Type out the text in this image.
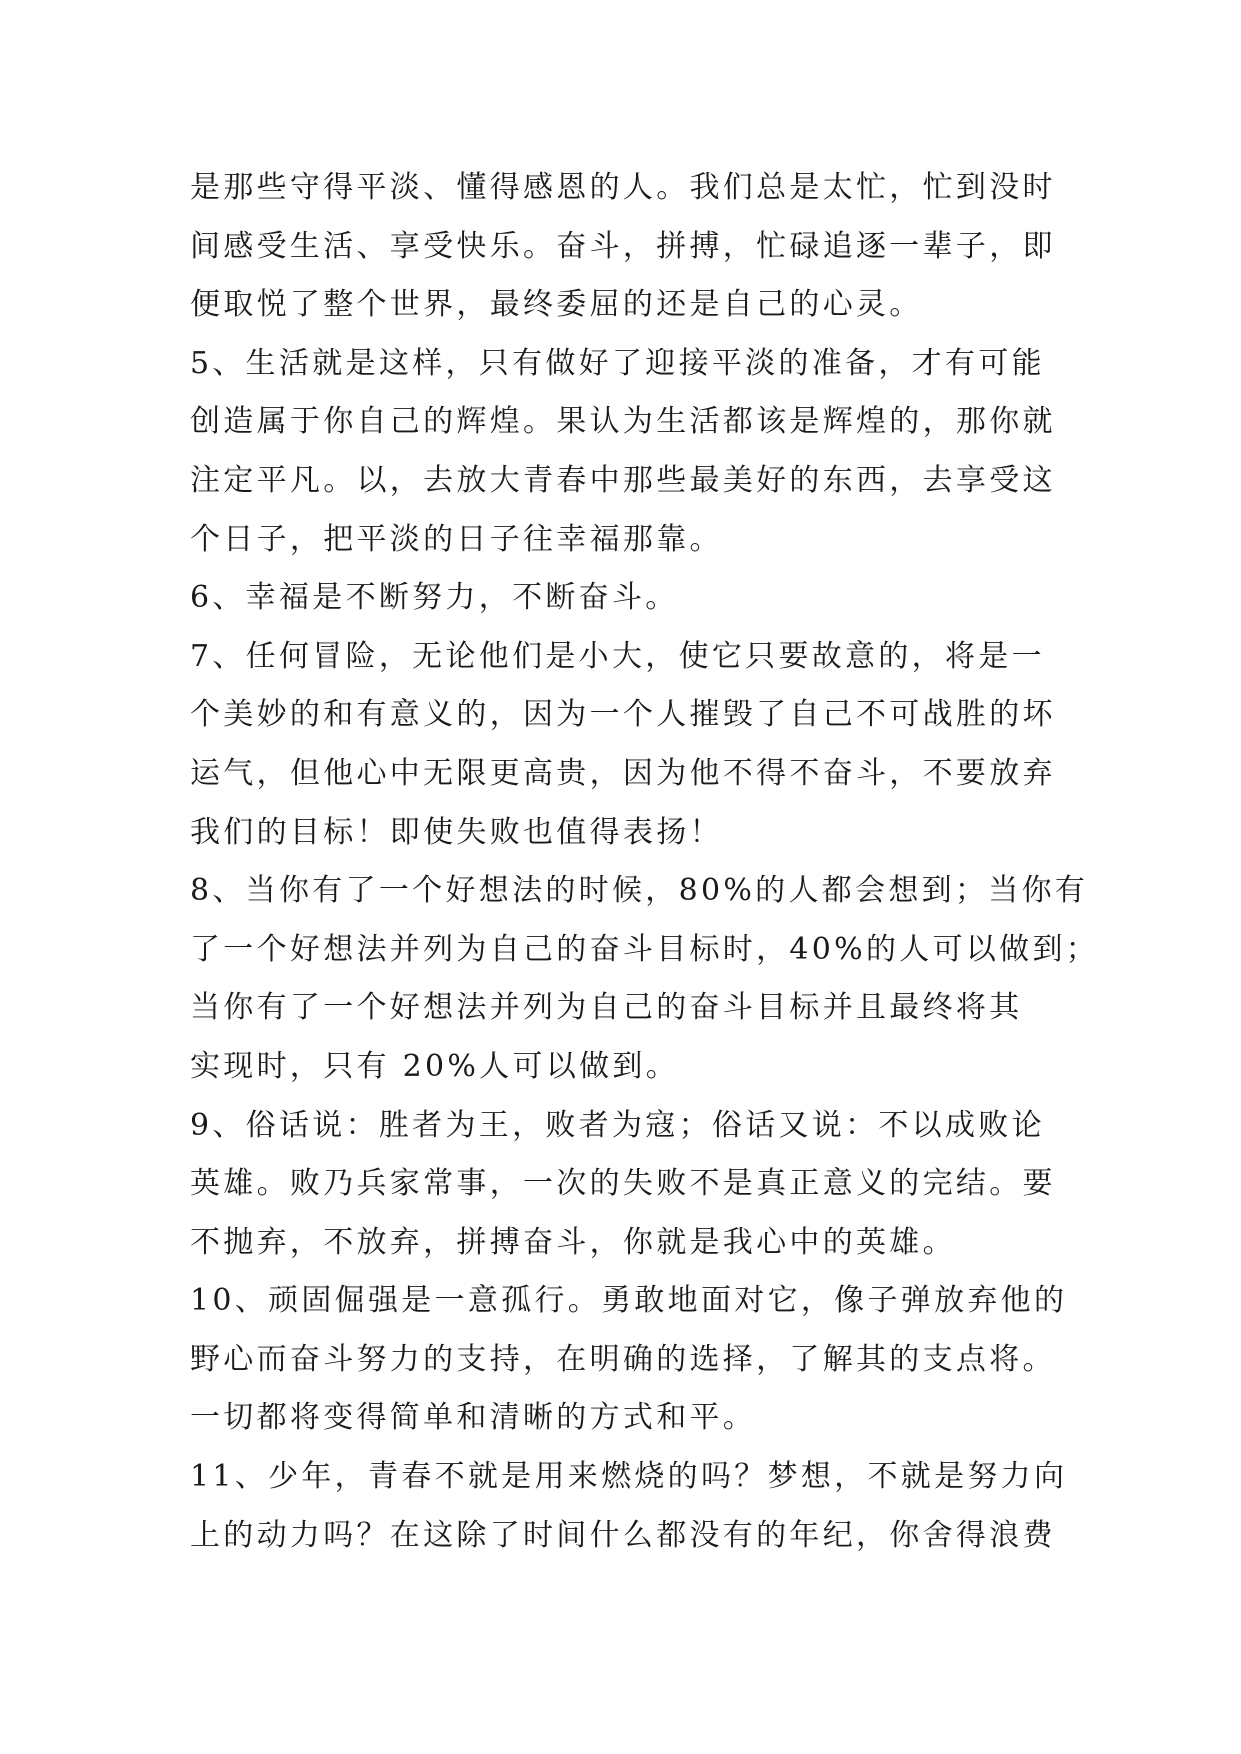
是那些守得平淡、懂得感恩的人。我们总是太忙，忙到没时
间感受生活、享受快乐。奋斗，拼搏，忙碌追逐一辈子，即
便取悦了整个世界，最终委屈的还是自己的心灵。
5、生活就是这样，只有做好了迎接平淡的准备，才有可能
创造属于你自己的辉煌。果认为生活都该是辉煌的，那你就
注定平凡。以，去放大青春中那些最美好的东西，去享受这
个日子，把平淡的日子往幸福那靠。
6、幸福是不断努力，不断奋斗。
7、任何冒险，无论他们是小大，使它只要故意的，将是一
个美妙的和有意义的，因为一个人摧毁了自己不可战胜的坏
运气，但他心中无限更高贵，因为他不得不奋斗，不要放弃
我们的目标！即使失败也值得表扬！
8、当你有了一个好想法的时候，80%的人都会想到；当你有
了一个好想法并列为自己的奋斗目标时，40%的人可以做到；
当你有了一个好想法并列为自己的奋斗目标并且最终将其
实现时，只有 20%人可以做到。
9、俗话说：胜者为王，败者为寇；俗话又说：不以成败论
英雄。败乃兵家常事，一次的失败不是真正意义的完结。要
不抛弃，不放弃，拼搏奋斗，你就是我心中的英雄。
10、顽固倔强是一意孤行。勇敢地面对它，像子弹放弃他的
野心而奋斗努力的支持，在明确的选择，了解其的支点将。
一切都将变得简单和清晰的方式和平。
11、少年，青春不就是用来燃烧的吗？梦想，不就是努力向
上的动力吗？在这除了时间什么都没有的年纪，你舍得浪费
